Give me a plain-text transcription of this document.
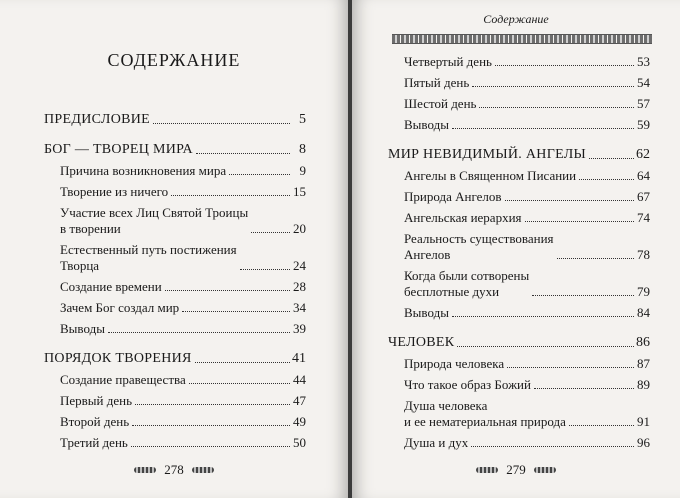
СОДЕРЖАНИЕ
ПРЕДИСЛОВИЕ	5
БОГ — ТВОРЕЦ МИРА	8
Причина возникновения мира	9
Творение из ничего	15
Участие всех Лиц Святой Троицы
в творении	20
Естественный путь постижения
Творца	24
Создание времени	28
Зачем Бог создал мир	34
Выводы	39
ПОРЯДОК ТВОРЕНИЯ	41
Создание правещества	44
Первый день	47
Второй день	49
Третий день	50
278
Содержание
Четвертый день	53
Пятый день	54
Шестой день	57
Выводы	59
МИР НЕВИДИМЫЙ. АНГЕЛЫ	62
Ангелы в Священном Писании	64
Природа Ангелов	67
Ангельская иерархия	74
Реальность существования
Ангелов	78
Когда были сотворены
бесплотные духи	79
Выводы	84
ЧЕЛОВЕК	86
Природа человека	87
Что такое образ Божий	89
Душа человека
и ее нематериальная природа	91
Душа и дух	96
279
